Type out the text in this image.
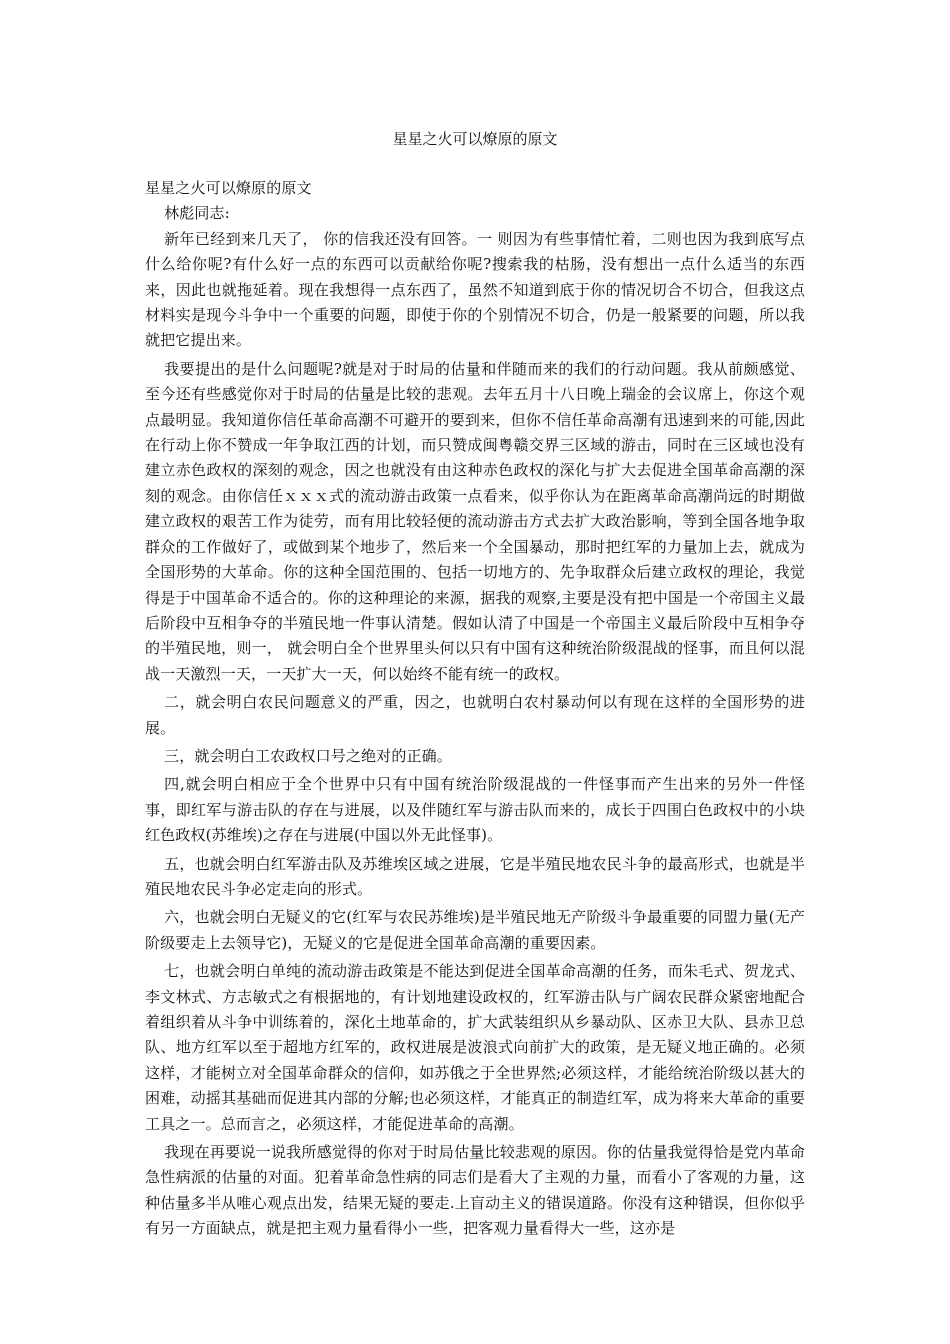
星星之火可以燎原的原文

星星之火可以燎原的原文

林彪同志:

新年已经到来几天了， 你的信我还没有回答。一 则因为有些事情忙着，二则也因为我到底写点什么给你呢?有什么好一点的东西可以贡献给你呢?搜索我的枯肠，没有想出一点什么适当的东西来，因此也就拖延着。现在我想得一点东西了，虽然不知道到底于你的情况切合不切合，但我这点材料实是现今斗争中一个重要的问题，即使于你的个别情况不切合，仍是一般紧要的问题，所以我就把它提出来。

我要提出的是什么问题呢?就是对于时局的估量和伴随而来的我们的行动问题。我从前颇感觉、至今还有些感觉你对于时局的估量是比较的悲观。去年五月十八日晚上瑞金的会议席上，你这个观点最明显。我知道你信任革命高潮不可避开的要到来，但你不信任革命高潮有迅速到来的可能,因此在行动上你不赞成一年争取江西的计划，而只赞成闽粤赣交界三区域的游击，同时在三区域也没有建立赤色政权的深刻的观念，因之也就没有由这种赤色政权的深化与扩大去促进全国革命高潮的深刻的观念。由你信任ｘｘｘ式的流动游击政策一点看来，似乎你认为在距离革命高潮尚远的时期做建立政权的艰苦工作为徒劳，而有用比较轻便的流动游击方式去扩大政治影响，等到全国各地争取群众的工作做好了，或做到某个地步了，然后来一个全国暴动，那时把红军的力量加上去，就成为全国形势的大革命。你的这种全国范围的、包括一切地方的、先争取群众后建立政权的理论，我觉得是于中国革命不适合的。你的这种理论的来源，据我的观察,主要是没有把中国是一个帝国主义最后阶段中互相争夺的半殖民地一件事认清楚。假如认清了中国是一个帝国主义最后阶段中互相争夺的半殖民地，则一， 就会明白全个世界里头何以只有中国有这种统治阶级混战的怪事，而且何以混战一天激烈一天，一天扩大一天，何以始终不能有统一的政权。

二，就会明白农民问题意义的严重，因之，也就明白农村暴动何以有现在这样的全国形势的进展。

三，就会明白工农政权口号之绝对的正确。

四,就会明白相应于全个世界中只有中国有统治阶级混战的一件怪事而产生出来的另外一件怪事，即红军与游击队的存在与进展，以及伴随红军与游击队而来的，成长于四围白色政权中的小块红色政权(苏维埃)之存在与进展(中国以外无此怪事)。

五，也就会明白红军游击队及苏维埃区域之进展，它是半殖民地农民斗争的最高形式，也就是半殖民地农民斗争必定走向的形式。

六，也就会明白无疑义的它(红军与农民苏维埃)是半殖民地无产阶级斗争最重要的同盟力量(无产阶级要走上去领导它)，无疑义的它是促进全国革命高潮的重要因素。

七，也就会明白单纯的流动游击政策是不能达到促进全国革命高潮的任务，而朱毛式、贺龙式、李文林式、方志敏式之有根据地的，有计划地建设政权的，红军游击队与广阔农民群众紧密地配合着组织着从斗争中训练着的，深化土地革命的，扩大武装组织从乡暴动队、区赤卫大队、县赤卫总队、地方红军以至于超地方红军的，政权进展是波浪式向前扩大的政策，是无疑义地正确的。必须这样，才能树立对全国革命群众的信仰，如苏俄之于全世界然;必须这样，才能给统治阶级以甚大的困难，动摇其基础而促进其内部的分解;也必须这样，才能真正的制造红军，成为将来大革命的重要工具之一。总而言之，必须这样，才能促进革命的高潮。

我现在再要说一说我所感觉得的你对于时局估量比较悲观的原因。你的估量我觉得恰是党内革命急性病派的估量的对面。犯着革命急性病的同志们是看大了主观的力量，而看小了客观的力量，这种估量多半从唯心观点出发，结果无疑的要走.上盲动主义的错误道路。你没有这种错误，但你似乎有另一方面缺点，就是把主观力量看得小一些，把客观力量看得大一些，这亦是
